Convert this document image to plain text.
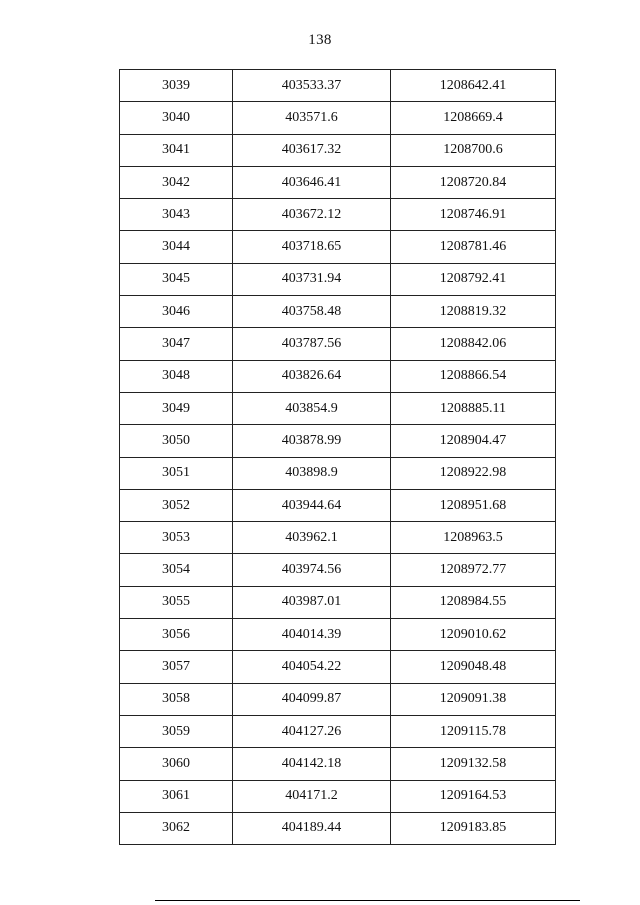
138
3039	403533.37	1208642.41
3040	403571.6	1208669.4
3041	403617.32	1208700.6
3042	403646.41	1208720.84
3043	403672.12	1208746.91
3044	403718.65	1208781.46
3045	403731.94	1208792.41
3046	403758.48	1208819.32
3047	403787.56	1208842.06
3048	403826.64	1208866.54
3049	403854.9	1208885.11
3050	403878.99	1208904.47
3051	403898.9	1208922.98
3052	403944.64	1208951.68
3053	403962.1	1208963.5
3054	403974.56	1208972.77
3055	403987.01	1208984.55
3056	404014.39	1209010.62
3057	404054.22	1209048.48
3058	404099.87	1209091.38
3059	404127.26	1209115.78
3060	404142.18	1209132.58
3061	404171.2	1209164.53
3062	404189.44	1209183.85
